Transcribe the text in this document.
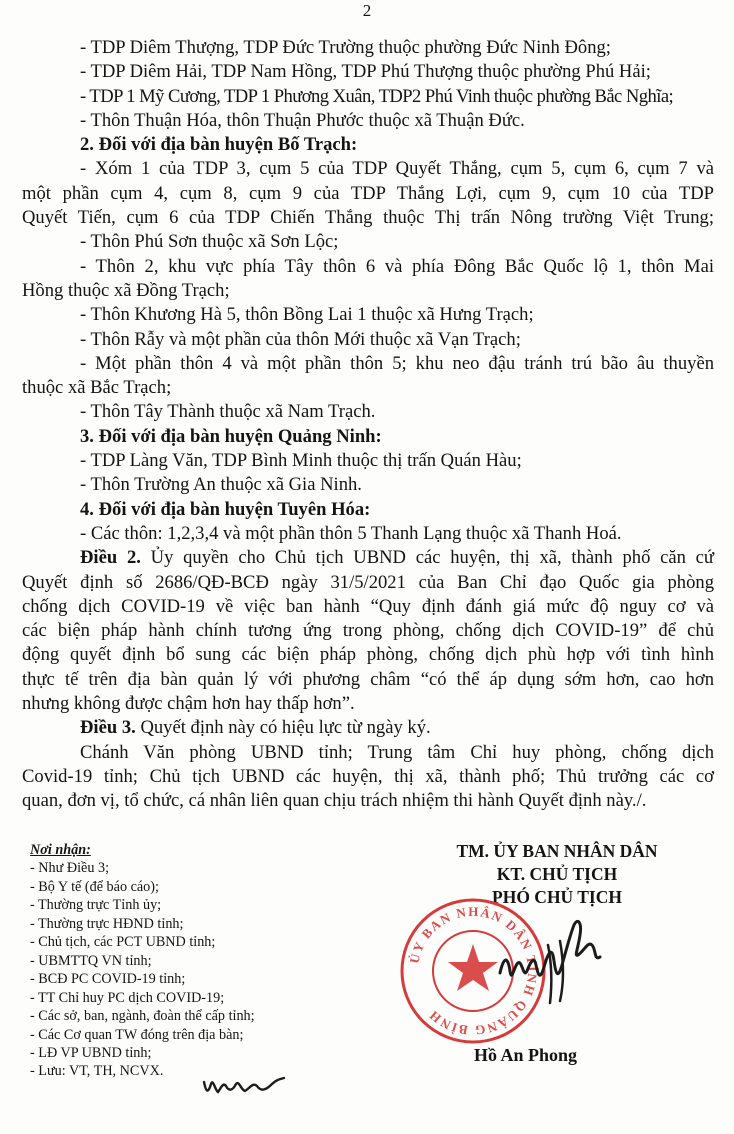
2
- TDP Diêm Thượng, TDP Đức Trường thuộc phường Đức Ninh Đông;
- TDP Diêm Hải, TDP Nam Hồng, TDP Phú Thượng thuộc phường Phú Hải;
- TDP 1 Mỹ Cương, TDP 1 Phương Xuân, TDP2 Phú Vinh thuộc phường Bắc Nghĩa;
- Thôn Thuận Hóa, thôn Thuận Phước thuộc xã Thuận Đức.
2. Đối với địa bàn huyện Bố Trạch:
- Xóm 1 của TDP 3, cụm 5 của TDP Quyết Thắng, cụm 5, cụm 6, cụm 7 và
một phần cụm 4, cụm 8, cụm 9 của TDP Thắng Lợi, cụm 9, cụm 10 của TDP
Quyết Tiến, cụm 6 của TDP Chiến Thắng thuộc Thị trấn Nông trường Việt Trung;
- Thôn Phú Sơn thuộc xã Sơn Lộc;
- Thôn 2, khu vực phía Tây thôn 6 và phía Đông Bắc Quốc lộ 1, thôn Mai
Hồng thuộc xã Đồng Trạch;
- Thôn Khương Hà 5, thôn Bồng Lai 1 thuộc xã Hưng Trạch;
- Thôn Rẫy và một phần của thôn Mới thuộc xã Vạn Trạch;
- Một phần thôn 4 và một phần thôn 5; khu neo đậu tránh trú bão âu thuyền
thuộc xã Bắc Trạch;
- Thôn Tây Thành thuộc xã Nam Trạch.
3. Đối với địa bàn huyện Quảng Ninh:
- TDP Làng Văn, TDP Bình Minh thuộc thị trấn Quán Hàu;
- Thôn Trường An thuộc xã Gia Ninh.
4. Đối với địa bàn huyện Tuyên Hóa:
- Các thôn: 1,2,3,4 và một phần thôn 5 Thanh Lạng thuộc xã Thanh Hoá.
Điều 2. Ủy quyền cho Chủ tịch UBND các huyện, thị xã, thành phố căn cứ
Quyết định số 2686/QĐ-BCĐ ngày 31/5/2021 của Ban Chỉ đạo Quốc gia phòng
chống dịch COVID-19 về việc ban hành “Quy định đánh giá mức độ nguy cơ và
các biện pháp hành chính tương ứng trong phòng, chống dịch COVID-19” để chủ
động quyết định bổ sung các biện pháp phòng, chống dịch phù hợp với tình hình
thực tế trên địa bàn quản lý với phương châm “có thể áp dụng sớm hơn, cao hơn
nhưng không được chậm hơn hay thấp hơn”.
Điều 3. Quyết định này có hiệu lực từ ngày ký.
Chánh Văn phòng UBND tỉnh; Trung tâm Chỉ huy phòng, chống dịch
Covid-19 tỉnh; Chủ tịch UBND các huyện, thị xã, thành phố; Thủ trưởng các cơ
quan, đơn vị, tổ chức, cá nhân liên quan chịu trách nhiệm thi hành Quyết định này./.
Nơi nhận:
- Như Điều 3;
- Bộ Y tế (để báo cáo);
- Thường trực Tỉnh ủy;
- Thường trực HĐND tỉnh;
- Chủ tịch, các PCT UBND tỉnh;
- UBMTTQ VN tỉnh;
- BCĐ PC COVID-19 tỉnh;
- TT Chỉ huy PC dịch COVID-19;
- Các sở, ban, ngành, đoàn thể cấp tỉnh;
- Các Cơ quan TW đóng trên địa bàn;
- LĐ VP UBND tỉnh;
- Lưu: VT, TH, NCVX.
TM. ỦY BAN NHÂN DÂN
KT. CHỦ TỊCH
PHÓ CHỦ TỊCH
ỦY BAN NHÂN DÂN TỈNH QUẢNG BÌNH
Hồ An Phong
